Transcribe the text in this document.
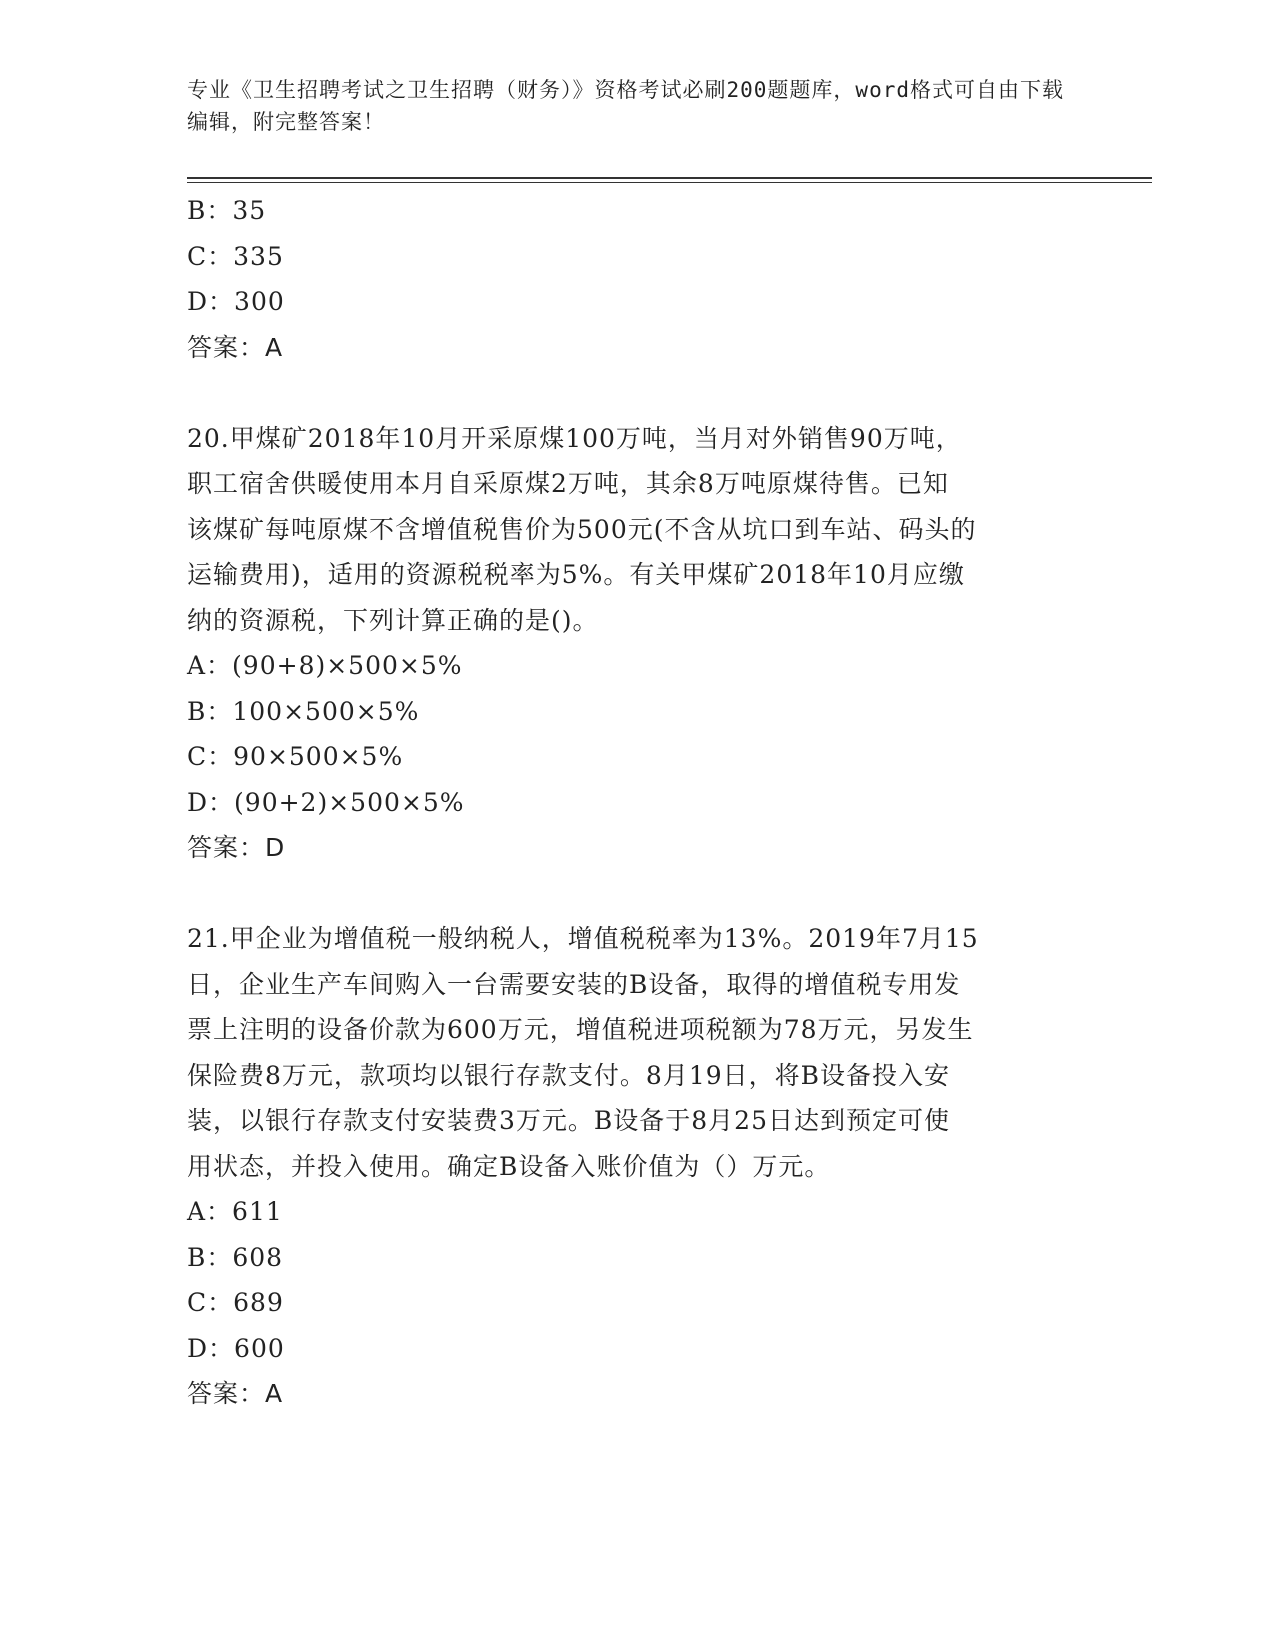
专业《卫生招聘考试之卫生招聘（财务）》资格考试必刷200题题库，word格式可自由下载编辑，附完整答案！
B：35
C：335
D：300
答案：A
20.甲煤矿2018年10月开采原煤100万吨，当月对外销售90万吨，
职工宿舍供暖使用本月自采原煤2万吨，其余8万吨原煤待售。已知
该煤矿每吨原煤不含增值税售价为500元(不含从坑口到车站、码头的
运输费用)，适用的资源税税率为5%。有关甲煤矿2018年10月应缴
纳的资源税，下列计算正确的是()。
A：(90+8)×500×5%
B：100×500×5%
C：90×500×5%
D：(90+2)×500×5%
答案：D
21.甲企业为增值税一般纳税人，增值税税率为13%。2019年7月15
日，企业生产车间购入一台需要安装的B设备，取得的增值税专用发
票上注明的设备价款为600万元，增值税进项税额为78万元，另发生
保险费8万元，款项均以银行存款支付。8月19日，将B设备投入安
装，以银行存款支付安装费3万元。B设备于8月25日达到预定可使
用状态，并投入使用。确定B设备入账价值为（）万元。
A：611
B：608
C：689
D：600
答案：A
